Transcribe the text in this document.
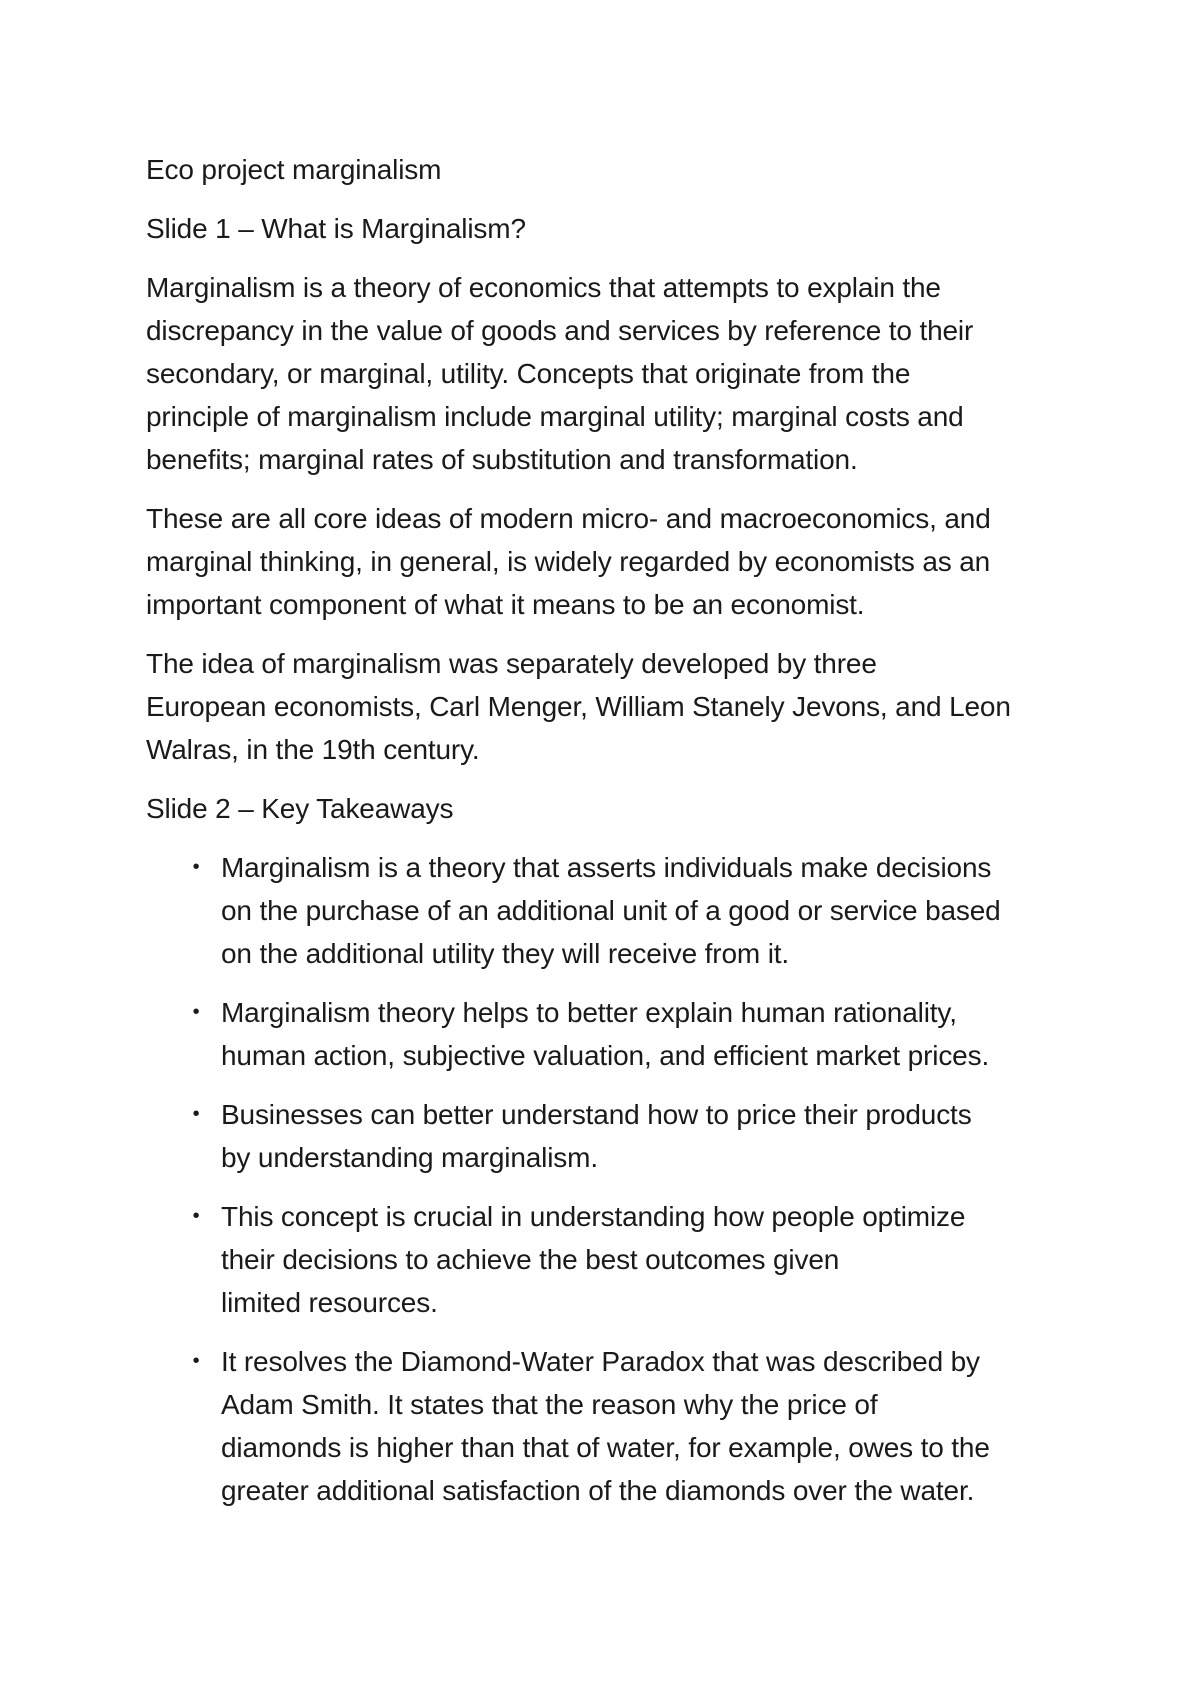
Eco project marginalism

Slide 1 – What is Marginalism?

Marginalism is a theory of economics that attempts to explain the
discrepancy in the value of goods and services by reference to their
secondary, or marginal, utility. Concepts that originate from the
principle of marginalism include marginal utility; marginal costs and
benefits; marginal rates of substitution and transformation.

These are all core ideas of modern micro- and macroeconomics, and
marginal thinking, in general, is widely regarded by economists as an
important component of what it means to be an economist.

The idea of marginalism was separately developed by three
European economists, Carl Menger, William Stanely Jevons, and Leon
Walras, in the 19th century.

Slide 2 – Key Takeaways

• Marginalism is a theory that asserts individuals make decisions
on the purchase of an additional unit of a good or service based
on the additional utility they will receive from it.
• Marginalism theory helps to better explain human rationality,
human action, subjective valuation, and efficient market prices.
• Businesses can better understand how to price their products
by understanding marginalism.
• This concept is crucial in understanding how people optimize
their decisions to achieve the best outcomes given
limited resources.
• It resolves the Diamond-Water Paradox that was described by
Adam Smith. It states that the reason why the price of
diamonds is higher than that of water, for example, owes to the
greater additional satisfaction of the diamonds over the water.
